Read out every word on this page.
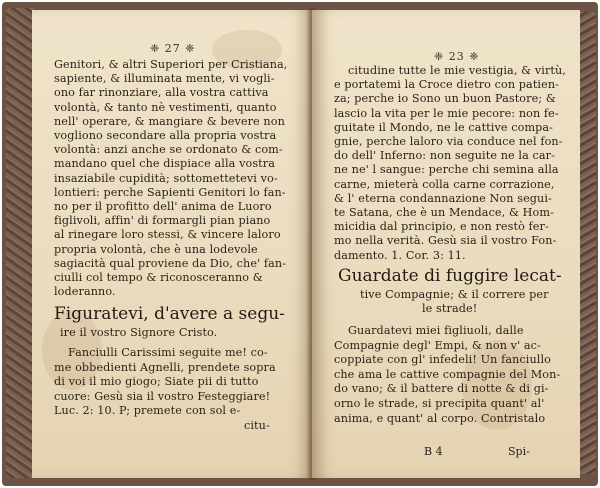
❈ 27 ❈
Genitori, & altri Superiori per Cristiana,
sapiente, & illuminata mente, vi vogli-
ono far rinonziare, alla vostra cattiva
volontà, & tanto nè vestimenti, quanto
nell' operare, & mangiare & bevere non
vogliono secondare alla propria vostra
volontà: anzi anche se ordonato & com-
mandano quel che dispiace alla vostra
insaziabile cupidità; sottomettetevi vo-
lontieri: perche Sapienti Genitori lo fan-
no per il profitto dell' anima de Luoro
figlivoli, affin' di formargli pian piano
al rinegare loro stessi, & vincere laloro
propria volontà, che è una lodevole
sagiacità qual proviene da Dio, che' fan-
ciulli col tempo & riconosceranno &
loderanno.
Figuratevi, d'avere a segu-
ire il vostro Signore Cristo.
Fanciulli Carissimi seguite me! co-
me obbedienti Agnelli, prendete sopra
di voi il mio giogo; Siate pii di tutto
cuore: Gesù sia il vostro Festeggiare!
Luc. 2: 10. P; premete con sol e-
citu-
❈ 23 ❈
citudine tutte le mie vestigia, & virtù,
e portatemi la Croce dietro con patien-
za; perche io Sono un buon Pastore; &
lascio la vita per le mie pecore: non fe-
guitate il Mondo, ne le cattive compa-
gnie, perche laloro via conduce nel fon-
do dell' Inferno: non seguite ne la car-
ne ne' l sangue: perche chi semina alla
carne, mieterà colla carne corrazione,
& l' eterna condannazione Non segui-
te Satana, che è un Mendace, & Hom-
micidia dal principio, e non restò fer-
mo nella verità. Gesù sia il vostro Fon-
damento. 1. Cor. 3: 11.
Guardate di fuggire lecat-
tive Compagnie; & il correre per
le strade!
Guardatevi miei figliuoli, dalle
Compagnie degl' Empi, & non v' ac-
coppiate con gl' infedeli! Un fanciullo
che ama le cattive compagnie del Mon-
do vano; & il battere di notte & di gi-
orno le strade, si precipita quant' al'
anima, e quant' al corpo. Contristalo
B 4	Spi-
